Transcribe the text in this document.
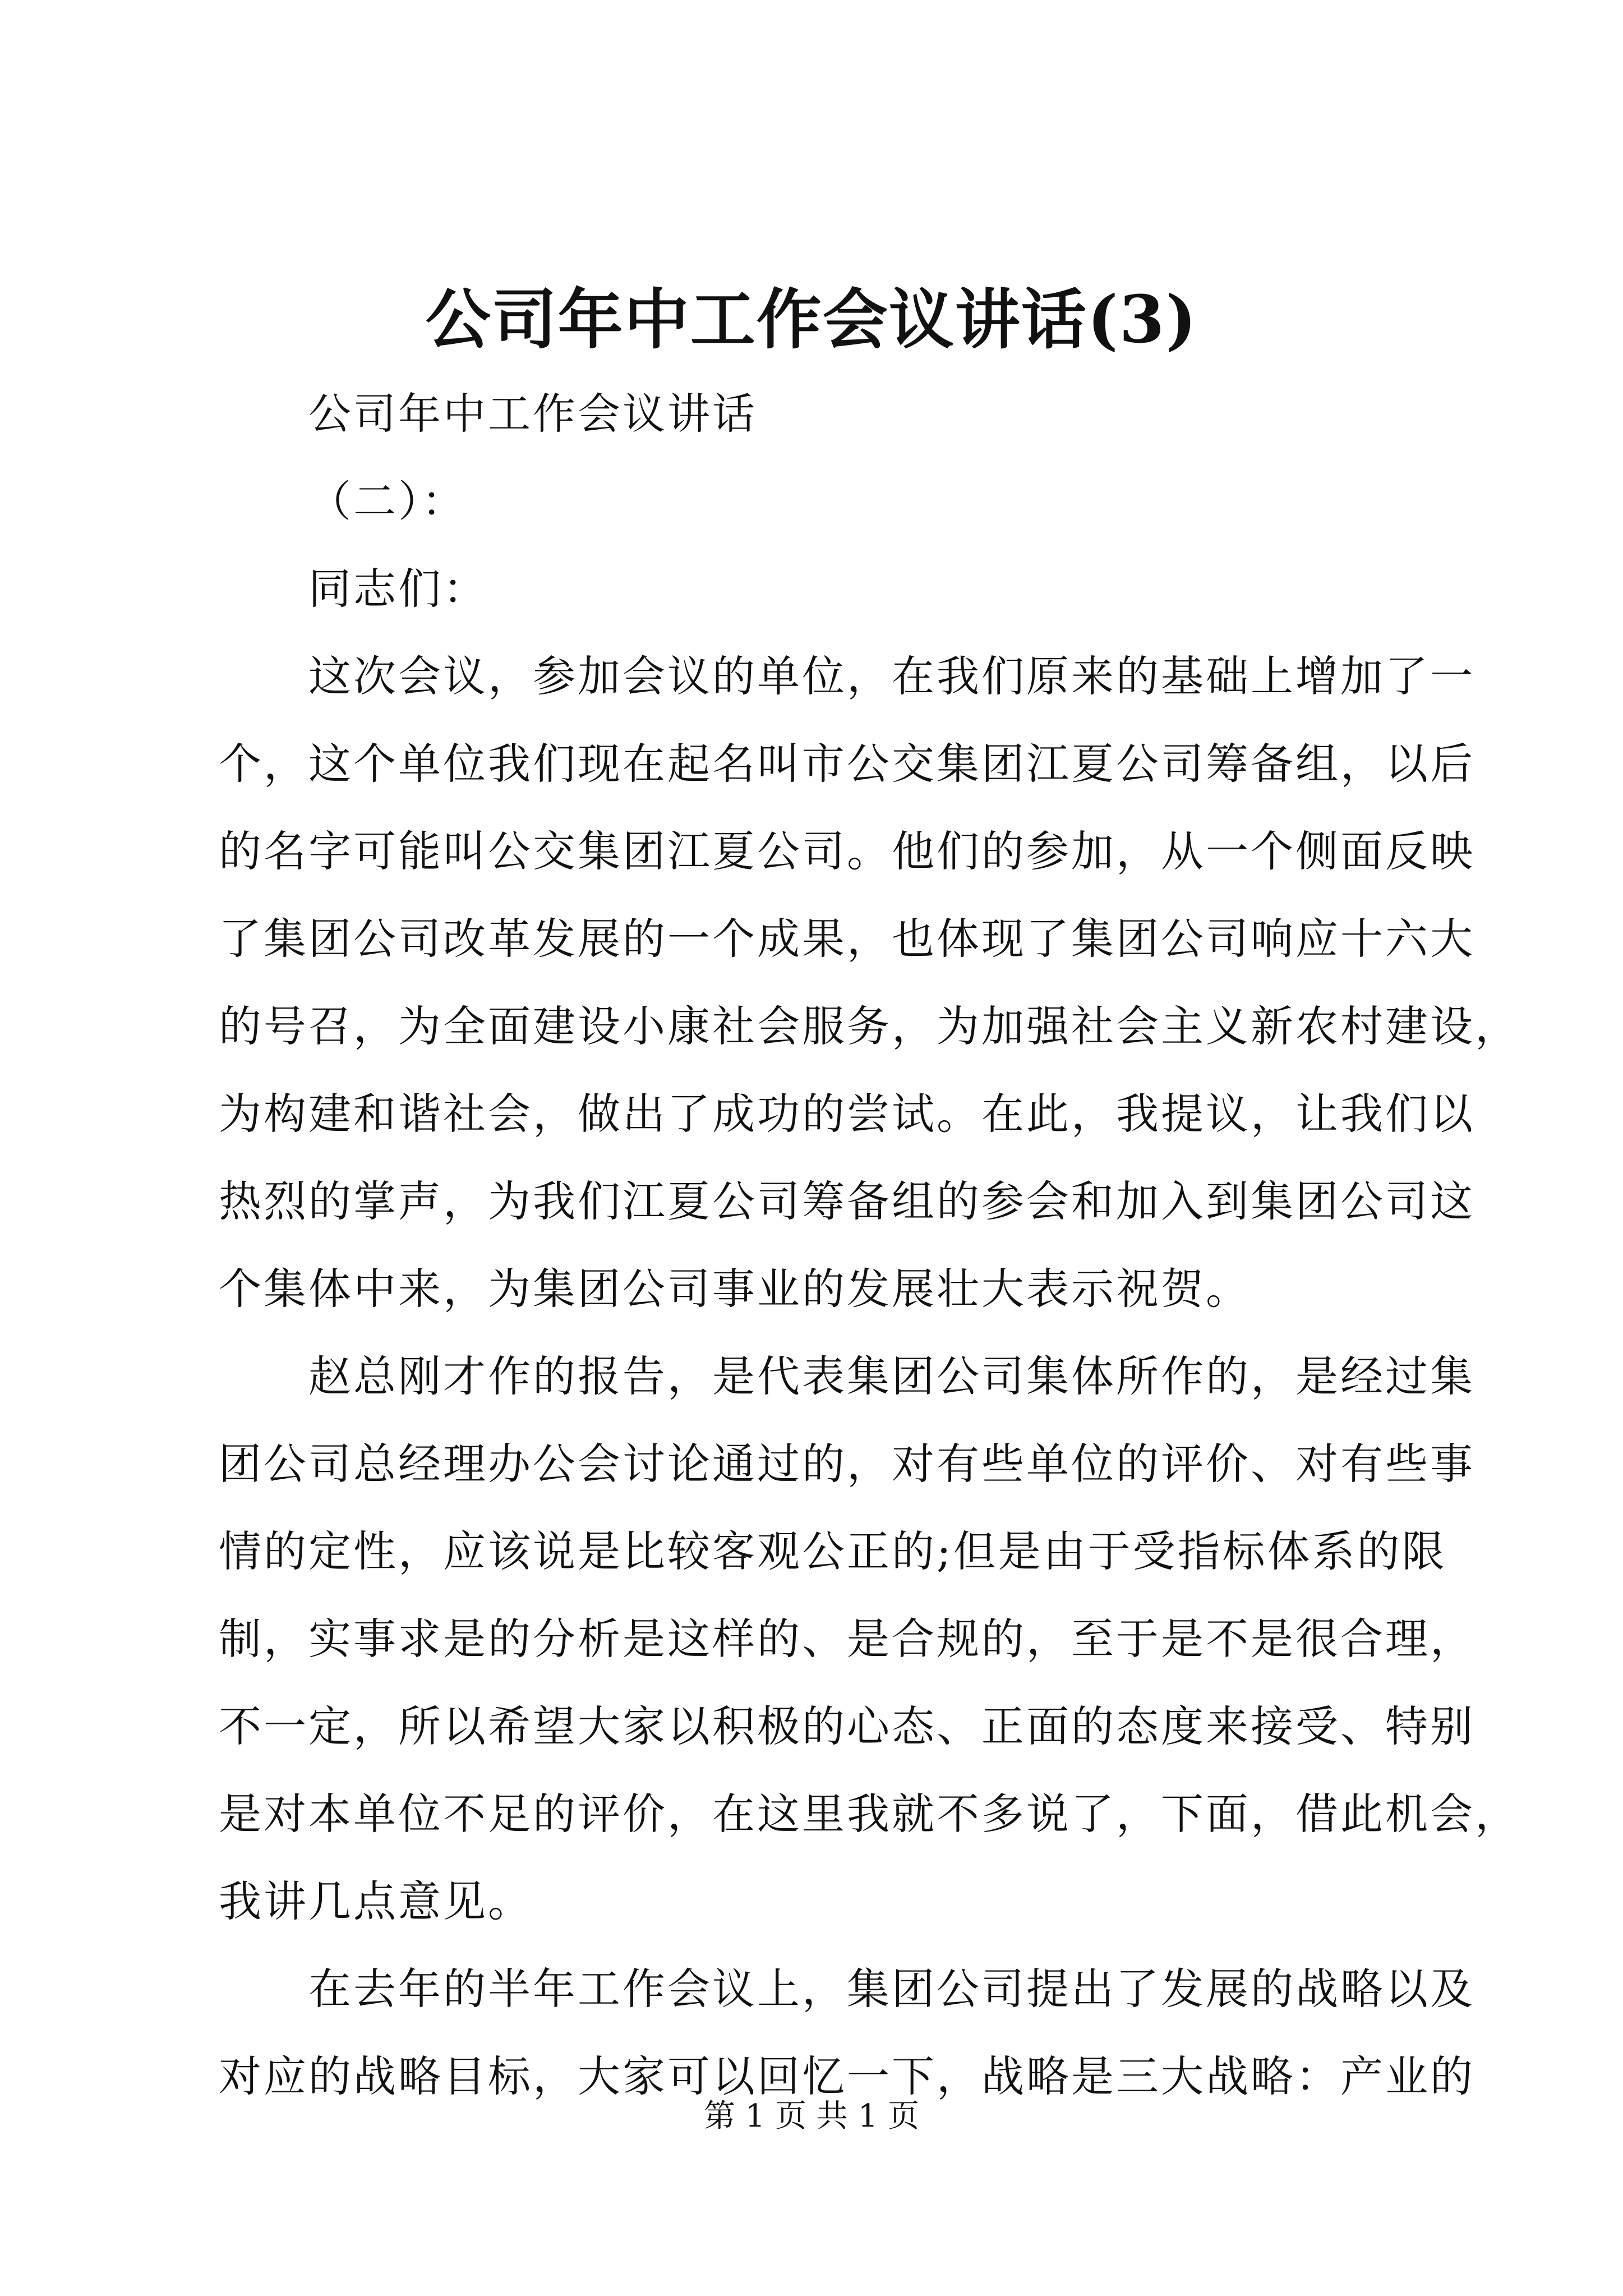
公司年中工作会议讲话(3)
公司年中工作会议讲话
（二）：
同志们：
这次会议，参加会议的单位，在我们原来的基础上增加了一
个，这个单位我们现在起名叫市公交集团江夏公司筹备组，以后
的名字可能叫公交集团江夏公司。他们的参加，从一个侧面反映
了集团公司改革发展的一个成果，也体现了集团公司响应十六大
的号召，为全面建设小康社会服务，为加强社会主义新农村建设，
为构建和谐社会，做出了成功的尝试。在此，我提议，让我们以
热烈的掌声，为我们江夏公司筹备组的参会和加入到集团公司这
个集体中来，为集团公司事业的发展壮大表示祝贺。
赵总刚才作的报告，是代表集团公司集体所作的，是经过集
团公司总经理办公会讨论通过的，对有些单位的评价、对有些事
情的定性，应该说是比较客观公正的;但是由于受指标体系的限
制，实事求是的分析是这样的、是合规的，至于是不是很合理，
不一定，所以希望大家以积极的心态、正面的态度来接受、特别
是对本单位不足的评价，在这里我就不多说了，下面，借此机会，
我讲几点意见。
在去年的半年工作会议上，集团公司提出了发展的战略以及
对应的战略目标，大家可以回忆一下，战略是三大战略：产业的
第 1 页 共 1 页
